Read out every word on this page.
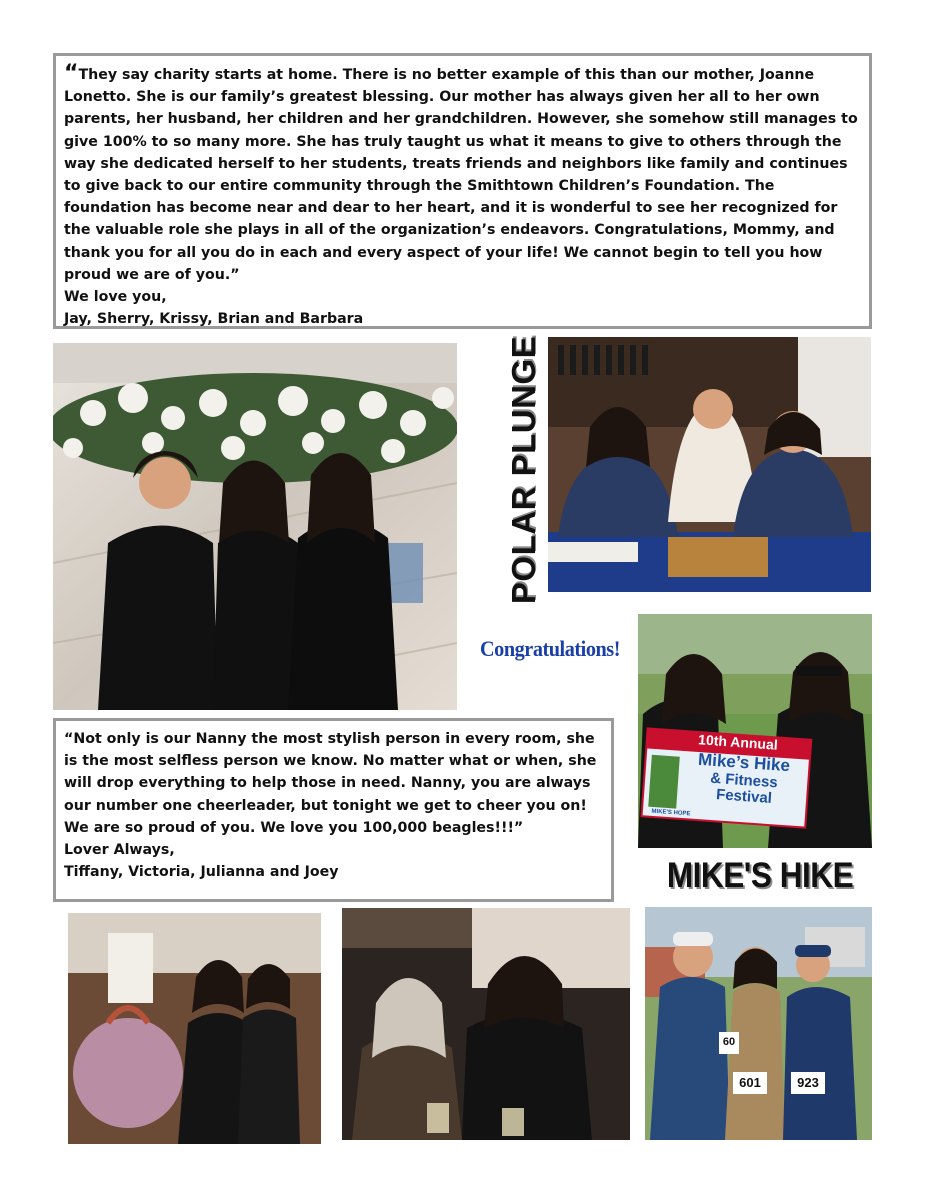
“They say charity starts at home. There is no better example of this than our mother, Joanne Lonetto. She is our family’s greatest blessing. Our mother has always given her all to her own parents, her husband, her children and her grandchildren. However, she somehow still manages to give 100% to so many more. She has truly taught us what it means to give to others through the way she dedicated herself to her students, treats friends and neighbors like family and continues to give back to our entire community through the Smithtown Children’s Foundation. The foundation has become near and dear to her heart, and it is wonderful to see her recognized for the valuable role she plays in all of the organization’s endeavors. Congratulations, Mommy, and thank you for all you do in each and every aspect of your life! We cannot begin to tell you how proud we are of you.”
We love you,
Jay, Sherry, Krissy, Brian and Barbara
POLAR PLUNGE
Congratulations!
10th Annual
Mike’s Hike
& Fitness
Festival
MIKE'S HOPE
“Not only is our Nanny the most stylish person in every room, she is the most selfless person we know. No matter what or when, she will drop everything to help those in need. Nanny, you are always our number one cheerleader, but tonight we get to cheer you on! We are so proud of you. We love you 100,000 beagles!!!”
Lover Always,
Tiffany, Victoria, Julianna and Joey	MIKE'S HIKE
601	923
60
